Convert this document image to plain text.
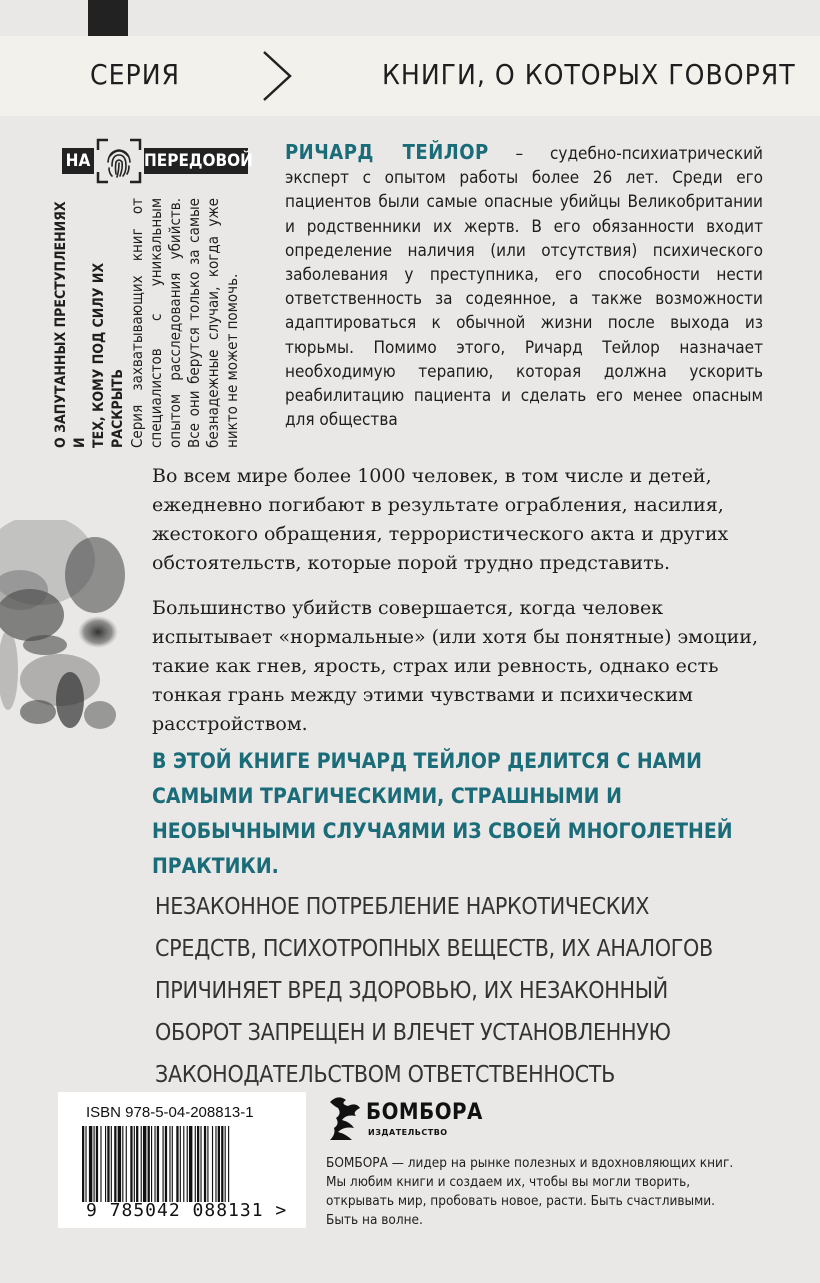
СЕРИЯ	КНИГИ, О КОТОРЫХ ГОВОРЯТ
НА	ПЕРЕДОВОЙ
О ЗАПУТАННЫХ ПРЕСТУПЛЕНИЯХ И ТЕХ, КОМУ ПОД СИЛУ ИХ РАСКРЫТЬ Серия захватывающих книг от специалистов с уникальным опытом расследования убийств. Все они берутся только за самые безнадежные случаи, когда уже никто не может помочь.
РИЧАРД ТЕЙЛОР – судебно-психиатрический эксперт с опытом работы более 26 лет. Среди его пациентов были самые опасные убийцы Великобритании и родственники их жертв. В его обязанности входит определение наличия (или отсутствия) психического заболевания у преступника, его способности нести ответственность за содеянное, а также возможности адаптироваться к обычной жизни после выхода из тюрьмы. Помимо этого, Ричард Тейлор назначает необходимую терапию, которая должна ускорить реабилитацию пациента и сделать его менее опасным для общества
Во всем мире более 1000 человек, в том числе и детей, ежедневно погибают в результате ограбления, насилия, жестокого обращения, террористического акта и других обстоятельств, которые порой трудно представить.
Большинство убийств совершается, когда человек испытывает «нормальные» (или хотя бы понятные) эмоции, такие как гнев, ярость, страх или ревность, однако есть тонкая грань между этими чувствами и психическим расстройством.
В ЭТОЙ КНИГЕ РИЧАРД ТЕЙЛОР ДЕЛИТСЯ С НАМИ САМЫМИ ТРАГИЧЕСКИМИ, СТРАШНЫМИ И НЕОБЫЧНЫМИ СЛУЧАЯМИ ИЗ СВОЕЙ МНОГОЛЕТНЕЙ ПРАКТИКИ.
НЕЗАКОННОЕ ПОТРЕБЛЕНИЕ НАРКОТИЧЕСКИХ СРЕДСТВ, ПСИХОТРОПНЫХ ВЕЩЕСТВ, ИХ АНАЛОГОВ ПРИЧИНЯЕТ ВРЕД ЗДОРОВЬЮ, ИХ НЕЗАКОННЫЙ ОБОРОТ ЗАПРЕЩЕН И ВЛЕЧЕТ УСТАНОВЛЕННУЮ ЗАКОНОДАТЕЛЬСТВОМ ОТВЕТСТВЕННОСТЬ
ISBN 978-5-04-208813-1
9 785042 088131 >
БОМБОРА
ИЗДАТЕЛЬСТВО
БОМБОРА — лидер на рынке полезных и вдохновляющих книг. Мы любим книги и создаем их, чтобы вы могли творить, открывать мир, пробовать новое, расти. Быть счастливыми. Быть на волне.
